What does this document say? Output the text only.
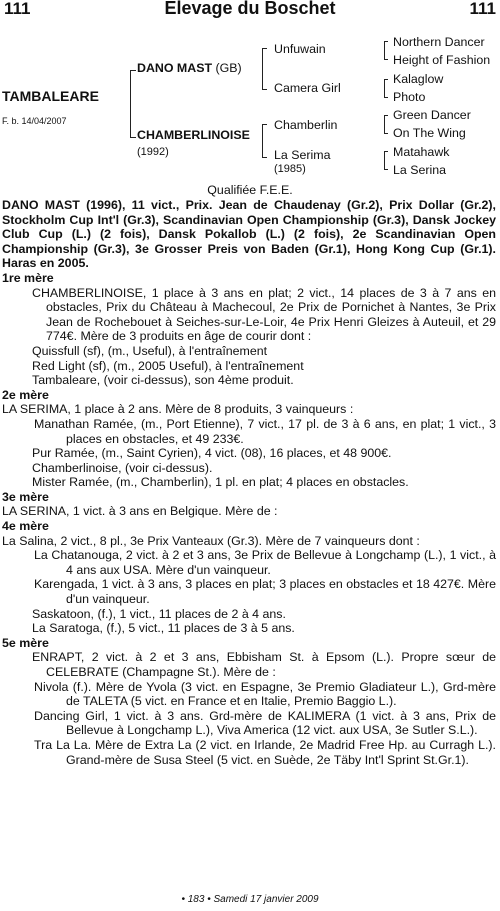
111	Elevage du Boschet	111
TAMBALEARE
F. b. 14/04/2007
DANO MAST (GB)
CHAMBERLINOISE
(1992)
Unfuwain
Camera Girl
Chamberlin
La Serima
(1985)
Northern Dancer
Height of Fashion
Kalaglow
Photo
Green Dancer
On The Wing
Matahawk
La Serina
Qualifiée F.E.E.

DANO MAST (1996), 11 vict., Prix. Jean de Chaudenay (Gr.2), Prix Dollar (Gr.2), Stockholm Cup Int'l (Gr.3), Scandinavian Open Championship (Gr.3), Dansk Jockey Club Cup (L.) (2 fois), Dansk Pokallob (L.) (2 fois), 2e Scandinavian Open Championship (Gr.3), 3e Grosser Preis von Baden (Gr.1), Hong Kong Cup (Gr.1). Haras en 2005.

1re mère

CHAMBERLINOISE, 1 place à 3 ans en plat; 2 vict., 14 places de 3 à 7 ans en obstacles, Prix du Château à Machecoul, 2e Prix de Pornichet à Nantes, 3e Prix Jean de Rochebouet à Seiches-sur-Le-Loir, 4e Prix Henri Gleizes à Auteuil, et 29 774€. Mère de 3 produits en âge de courir dont :

Quissfull (sf), (m., Useful), à l'entraînement

Red Light (sf), (m., 2005 Useful), à l'entraînement

Tambaleare, (voir ci-dessus), son 4ème produit.

2e mère

LA SERIMA, 1 place à 2 ans. Mère de 8 produits, 3 vainqueurs :

Manathan Ramée, (m., Port Etienne), 7 vict., 17 pl. de 3 à 6 ans, en plat; 1 vict., 3 places en obstacles, et 49 233€.

Pur Ramée, (m., Saint Cyrien), 4 vict. (08), 16 places, et 48 900€.

Chamberlinoise, (voir ci-dessus).

Mister Ramée, (m., Chamberlin), 1 pl. en plat; 4 places en obstacles.

3e mère

LA SERINA, 1 vict. à 3 ans en Belgique. Mère de :

4e mère

La Salina, 2 vict., 8 pl., 3e Prix Vanteaux (Gr.3). Mère de 7 vainqueurs dont :

La Chatanouga, 2 vict. à 2 et 3 ans, 3e Prix de Bellevue à Longchamp (L.), 1 vict., à 4 ans aux USA. Mère d'un vainqueur.

Karengada, 1 vict. à 3 ans, 3 places en plat; 3 places en obstacles et 18 427€. Mère d'un vainqueur.

Saskatoon, (f.), 1 vict., 11 places de 2 à 4 ans.

La Saratoga, (f.), 5 vict., 11 places de 3 à 5 ans.

5e mère

ENRAPT, 2 vict. à 2 et 3 ans, Ebbisham St. à Epsom (L.). Propre sœur de CELEBRATE (Champagne St.). Mère de :

Nivola (f.). Mère de Yvola (3 vict. en Espagne, 3e Premio Gladiateur L.), Grd-mère de TALETA (5 vict. en France et en Italie, Premio Baggio L.).

Dancing Girl, 1 vict. à 3 ans. Grd-mère de KALIMERA (1 vict. à 3 ans, Prix de Bellevue à Longchamp L.), Viva America (12 vict. aux USA, 3e Sutler S.L.).

Tra La La. Mère de Extra La (2 vict. en Irlande, 2e Madrid Free Hp. au Curragh L.). Grand-mère de Susa Steel (5 vict. en Suède, 2e Täby Int'l Sprint St.Gr.1).

• 183 • Samedi 17 janvier 2009
